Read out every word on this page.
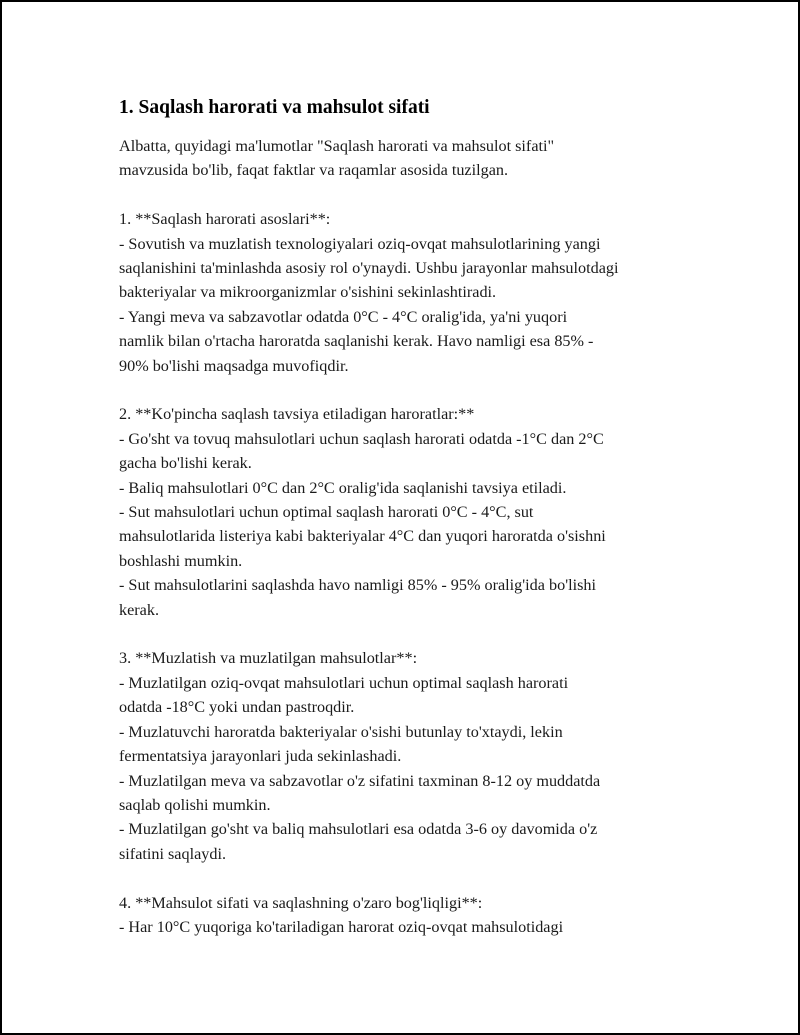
1. Saqlash harorati va mahsulot sifati

Albatta, quyidagi ma'lumotlar "Saqlash harorati va mahsulot sifati"
mavzusida bo'lib, faqat faktlar va raqamlar asosida tuzilgan.

1. **Saqlash harorati asoslari**:

- Sovutish va muzlatish texnologiyalari oziq-ovqat mahsulotlarining yangi
saqlanishini ta'minlashda asosiy rol o'ynaydi. Ushbu jarayonlar mahsulotdagi
bakteriyalar va mikroorganizmlar o'sishini sekinlashtiradi.
- Yangi meva va sabzavotlar odatda 0°C - 4°C oralig'ida, ya'ni yuqori
namlik bilan o'rtacha haroratda saqlanishi kerak. Havo namligi esa 85% -
90% bo'lishi maqsadga muvofiqdir.

2. **Ko'pincha saqlash tavsiya etiladigan haroratlar:**

- Go'sht va tovuq mahsulotlari uchun saqlash harorati odatda -1°C dan 2°C
gacha bo'lishi kerak.
- Baliq mahsulotlari 0°C dan 2°C oralig'ida saqlanishi tavsiya etiladi.
- Sut mahsulotlari uchun optimal saqlash harorati 0°C - 4°C, sut
mahsulotlarida listeriya kabi bakteriyalar 4°C dan yuqori haroratda o'sishni
boshlashi mumkin.
- Sut mahsulotlarini saqlashda havo namligi 85% - 95% oralig'ida bo'lishi
kerak.

3. **Muzlatish va muzlatilgan mahsulotlar**:

- Muzlatilgan oziq-ovqat mahsulotlari uchun optimal saqlash harorati
odatda -18°C yoki undan pastroqdir.
- Muzlatuvchi haroratda bakteriyalar o'sishi butunlay to'xtaydi, lekin
fermentatsiya jarayonlari juda sekinlashadi.
- Muzlatilgan meva va sabzavotlar o'z sifatini taxminan 8-12 oy muddatda
saqlab qolishi mumkin.
- Muzlatilgan go'sht va baliq mahsulotlari esa odatda 3-6 oy davomida o'z
sifatini saqlaydi.

4. **Mahsulot sifati va saqlashning o'zaro bog'liqligi**:

- Har 10°C yuqoriga ko'tariladigan harorat oziq-ovqat mahsulotidagi
